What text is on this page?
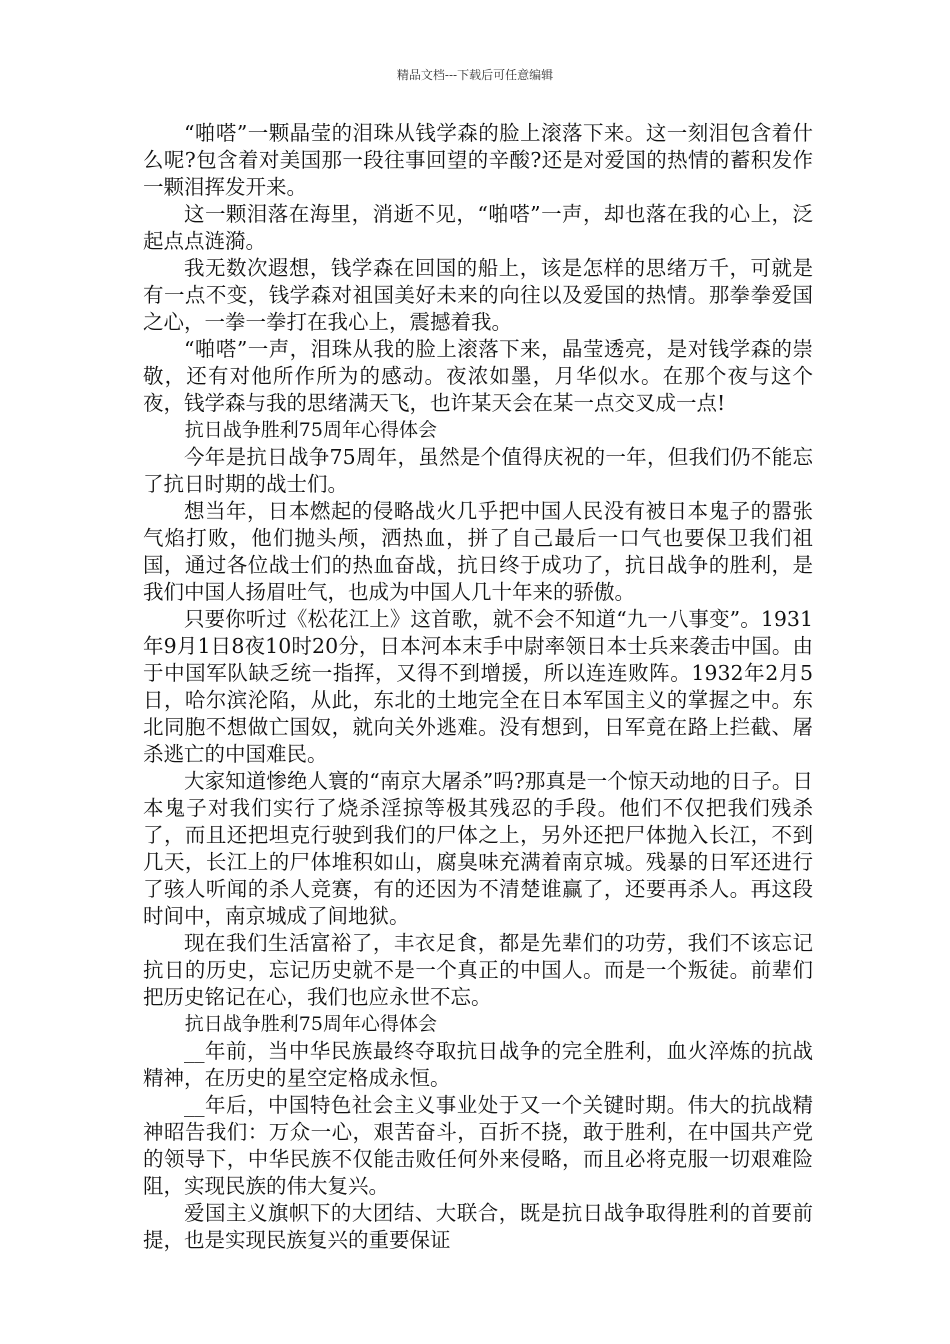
精品文档---下载后可任意编辑

“啪嗒”一颗晶莹的泪珠从钱学森的脸上滚落下来。这一刻泪包含着什么呢?包含着对美国那一段往事回望的辛酸?还是对爱国的热情的蓄积发作一颗泪挥发开来。

这一颗泪落在海里，消逝不见，“啪嗒”一声，却也落在我的心上，泛起点点涟漪。

我无数次遐想，钱学森在回国的船上，该是怎样的思绪万千，可就是有一点不变，钱学森对祖国美好未来的向往以及爱国的热情。那拳拳爱国之心，一拳一拳打在我心上，震撼着我。

“啪嗒”一声，泪珠从我的脸上滚落下来，晶莹透亮，是对钱学森的崇敬，还有对他所作所为的感动。夜浓如墨，月华似水。在那个夜与这个夜，钱学森与我的思绪满天飞，也许某天会在某一点交叉成一点!

抗日战争胜利75周年心得体会

今年是抗日战争75周年，虽然是个值得庆祝的一年，但我们仍不能忘了抗日时期的战士们。

想当年，日本燃起的侵略战火几乎把中国人民没有被日本鬼子的嚣张气焰打败，他们抛头颅，洒热血，拼了自己最后一口气也要保卫我们祖国，通过各位战士们的热血奋战，抗日终于成功了，抗日战争的胜利，是我们中国人扬眉吐气，也成为中国人几十年来的骄傲。

只要你听过《松花江上》这首歌，就不会不知道“九一八事变”。1931年9月1日8夜10时20分，日本河本末手中尉率领日本士兵来袭击中国。由于中国军队缺乏统一指挥，又得不到增援，所以连连败阵。1932年2月5日，哈尔滨沦陷，从此，东北的土地完全在日本军国主义的掌握之中。东北同胞不想做亡国奴，就向关外逃难。没有想到，日军竟在路上拦截、屠杀逃亡的中国难民。

大家知道惨绝人寰的“南京大屠杀”吗?那真是一个惊天动地的日子。日本鬼子对我们实行了烧杀淫掠等极其残忍的手段。他们不仅把我们残杀了，而且还把坦克行驶到我们的尸体之上，另外还把尸体抛入长江，不到几天，长江上的尸体堆积如山，腐臭味充满着南京城。残暴的日军还进行了骇人听闻的杀人竞赛，有的还因为不清楚谁赢了，还要再杀人。再这段时间中，南京城成了间地狱。

现在我们生活富裕了，丰衣足食，都是先辈们的功劳，我们不该忘记抗日的历史，忘记历史就不是一个真正的中国人。而是一个叛徒。前辈们把历史铭记在心，我们也应永世不忘。

抗日战争胜利75周年心得体会

__年前，当中华民族最终夺取抗日战争的完全胜利，血火淬炼的抗战精神，在历史的星空定格成永恒。

__年后，中国特色社会主义事业处于又一个关键时期。伟大的抗战精神昭告我们：万众一心，艰苦奋斗，百折不挠，敢于胜利，在中国共产党的领导下，中华民族不仅能击败任何外来侵略，而且必将克服一切艰难险阻，实现民族的伟大复兴。

爱国主义旗帜下的大团结、大联合，既是抗日战争取得胜利的首要前提，也是实现民族复兴的重要保证
